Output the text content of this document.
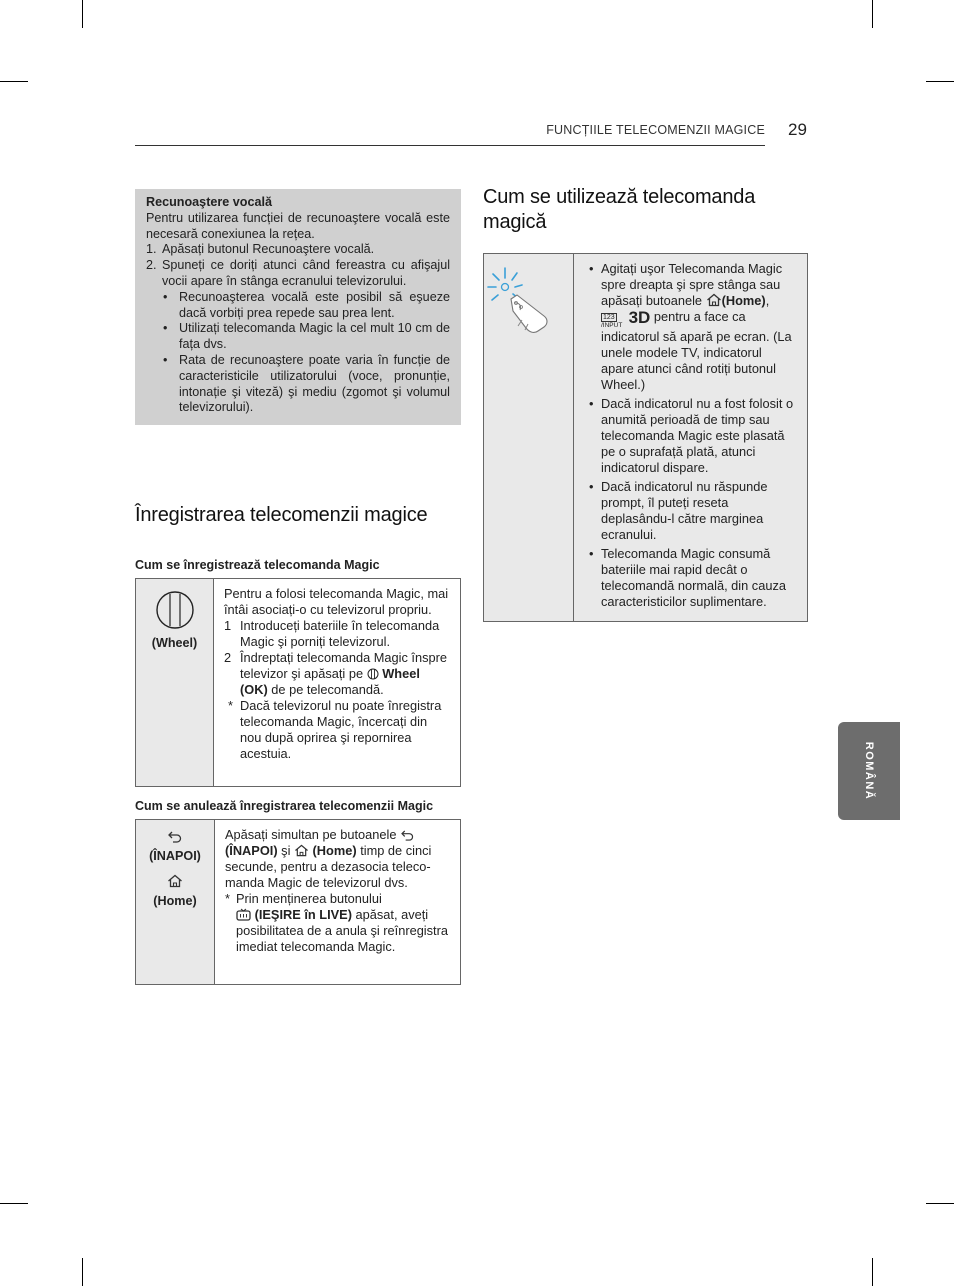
FUNCȚIILE TELECOMENZII MAGICE 29

Recunoaştere vocală

Pentru utilizarea funcției de recunoaştere vocală este necesară conexiunea la rețea.

1. Apăsați butonul Recunoaştere vocală.
2. Spuneți ce doriți atunci când fereastra cu afişajul vocii apare în stânga ecranului televizorului.
• Recunoaşterea vocală este posibil să eşueze dacă vorbiți prea repede sau prea lent.
• Utilizați telecomanda Magic la cel mult 10 cm de fața dvs.
• Rata de recunoaştere poate varia în funcție de caracteristicile utilizatorului (voce, pronunție, intonație şi viteză) şi mediu (zgomot şi volumul televizorului).
Înregistrarea telecomenzii magice

Cum se înregistrează telecomanda Magic

(Wheel)

Pentru a folosi telecomanda Magic, mai întâi asociați-o cu televizorul propriu.

1 Introduceți bateriile în telecomanda Magic şi porniți televizorul.
2 Îndreptați telecomanda Magic înspre televizor şi apăsați pe Wheel (OK) de pe telecomandă.
* Dacă televizorul nu poate înregistra telecomanda Magic, încercați din nou după oprirea şi repornirea acestuia.

Cum se anulează înregistrarea telecomenzii Magic

(ÎNAPOI)
(Home)

Apăsați simultan pe butoanele  (ÎNAPOI) şi (Home) timp de cinci secunde, pentru a dezasocia teleco-manda Magic de televizorul dvs.

* Prin menținerea butonului
(IEŞIRE în LIVE) apăsat, aveți posibilitatea de a anula şi reînregistra imediat telecomanda Magic.
Cum se utilizează telecomanda
magică

• Agitați uşor Telecomanda Magic spre dreapta şi spre stânga sau apăsați butoanele (Home),
123
/INPUT 3D pentru a face ca indicatorul să apară pe ecran. (La unele modele TV, indicatorul apare atunci când rotiți butonul Wheel.)
• Dacă indicatorul nu a fost folosit o anumită perioadă de timp sau telecomanda Magic este plasată pe o suprafață plată, atunci indicatorul dispare.
• Dacă indicatorul nu răspunde prompt, îl puteți reseta deplasându-l către marginea ecranului.
• Telecomanda Magic consumă bateriile mai rapid decât o telecomandă normală, din cauza caracteristicilor suplimentare.
ROMÂNĂ
